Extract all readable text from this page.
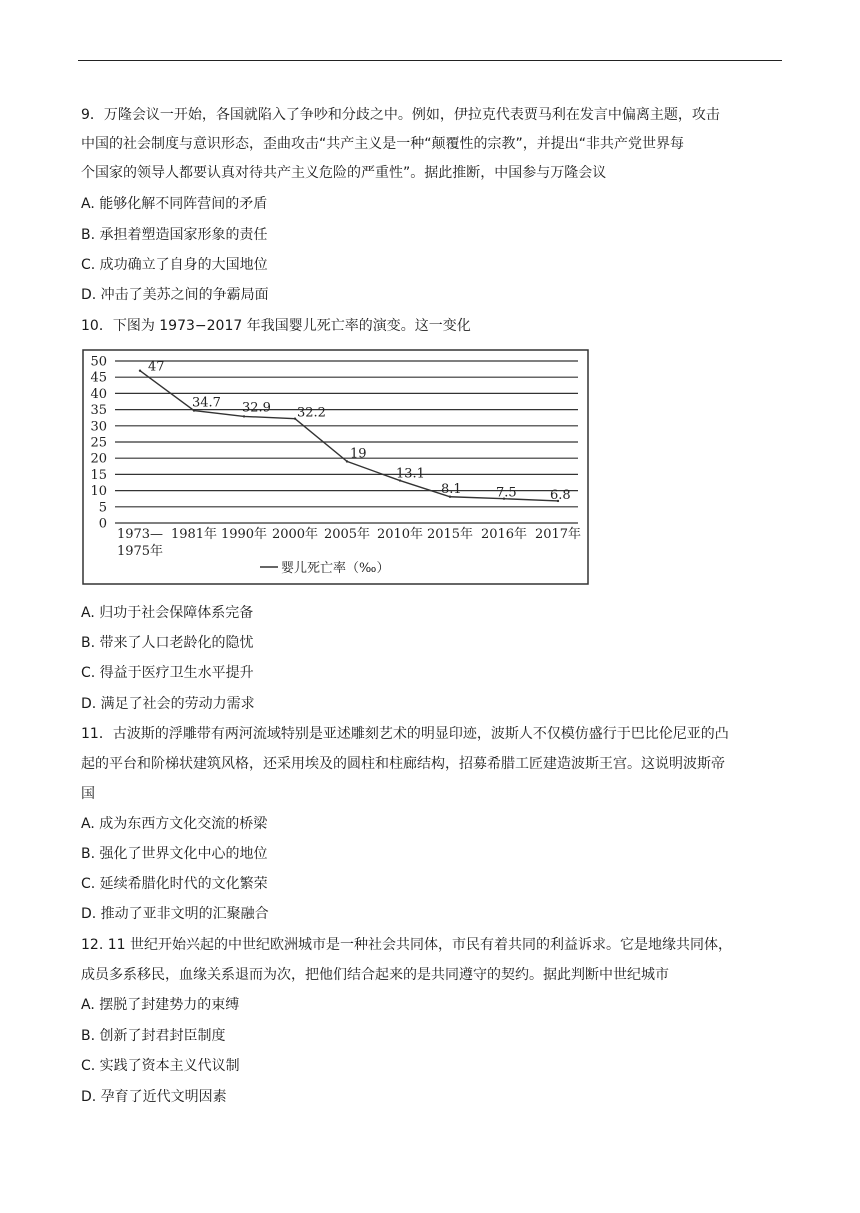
9．万隆会议一开始，各国就陷入了争吵和分歧之中。例如，伊拉克代表贾马利在发言中偏离主题，攻击
中国的社会制度与意识形态，歪曲攻击“共产主义是一种“颠覆性的宗教”，并提出“非共产党世界每
个国家的领导人都要认真对待共产主义危险的严重性”。据此推断，中国参与万隆会议
A. 能够化解不同阵营间的矛盾
B. 承担着塑造国家形象的责任
C. 成功确立了自身的大国地位
D. 冲击了美苏之间的争霸局面
10．下图为 1973−2017 年我国婴儿死亡率的演变。这一变化
0
5
10
15
20
25
30
35
40
45
50	47
34.7 32.9 32.2
19
13.1
8.1	7.5	6.8
1973—
1975年
1981年 1990年 2000年 2005年 2010年 2015年 2016年 2017年
婴儿死亡率（‰）
A. 归功于社会保障体系完备
B. 带来了人口老龄化的隐忧
C. 得益于医疗卫生水平提升
D. 满足了社会的劳动力需求
11．古波斯的浮雕带有两河流域特别是亚述雕刻艺术的明显印迹，波斯人不仅模仿盛行于巴比伦尼亚的凸
起的平台和阶梯状建筑风格，还采用埃及的圆柱和柱廊结构，招募希腊工匠建造波斯王宫。这说明波斯帝
国
A. 成为东西方文化交流的桥梁
B. 强化了世界文化中心的地位
C. 延续希腊化时代的文化繁荣
D. 推动了亚非文明的汇聚融合
12. 11 世纪开始兴起的中世纪欧洲城市是一种社会共同体，市民有着共同的利益诉求。它是地缘共同体，
成员多系移民，血缘关系退而为次，把他们结合起来的是共同遵守的契约。据此判断中世纪城市
A. 摆脱了封建势力的束缚
B. 创新了封君封臣制度
C. 实践了资本主义代议制
D. 孕育了近代文明因素
